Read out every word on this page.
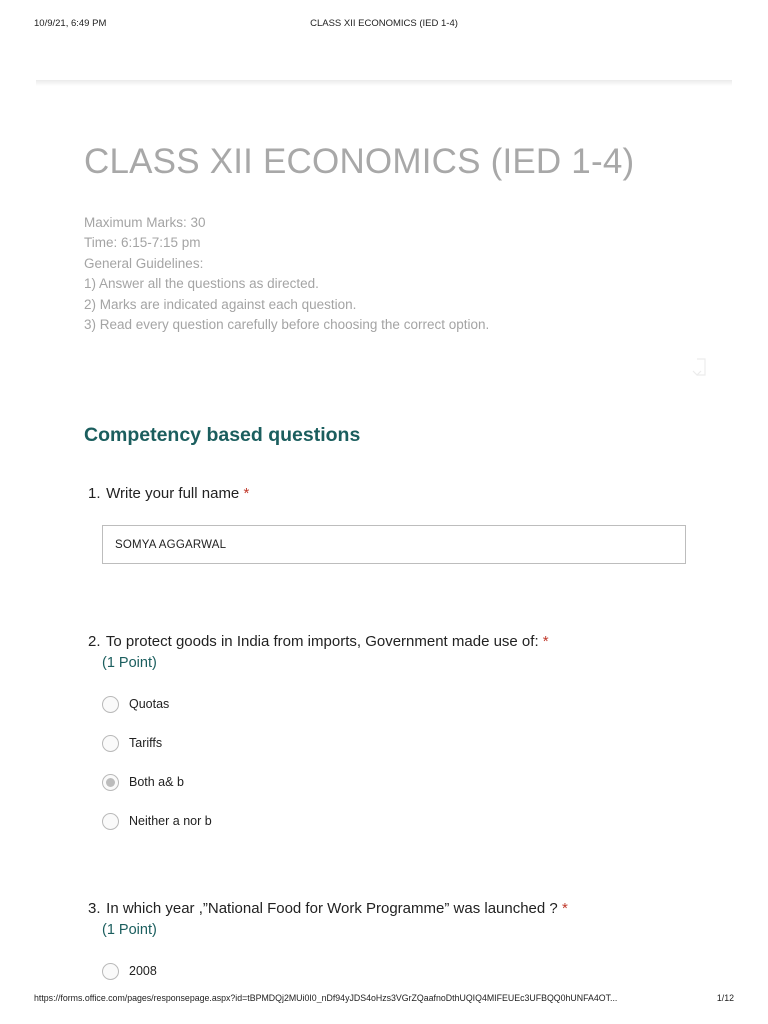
10/9/21, 6:49 PM	CLASS XII ECONOMICS (IED 1-4)
CLASS XII ECONOMICS (IED 1-4)
Maximum Marks: 30
Time: 6:15-7:15 pm
General Guidelines:
1) Answer all the questions as directed.
2) Marks are indicated against each question.
3) Read every question carefully before choosing the correct option.
Competency based questions
1. Write your full name *
SOMYA AGGARWAL
2. To protect goods in India from imports, Government made use of: *
(1 Point)
Quotas
Tariffs
Both a& b
Neither a nor b
3. In which year ,”National Food for Work Programme” was launched ? *
(1 Point)
2008
https://forms.office.com/pages/responsepage.aspx?id=tBPMDQj2MUi0I0_nDf94yJDS4oHzs3VGrZQaafnoDthUQIQ4MIFEUEc3UFBQQ0hUNFA4OT...	1/12
